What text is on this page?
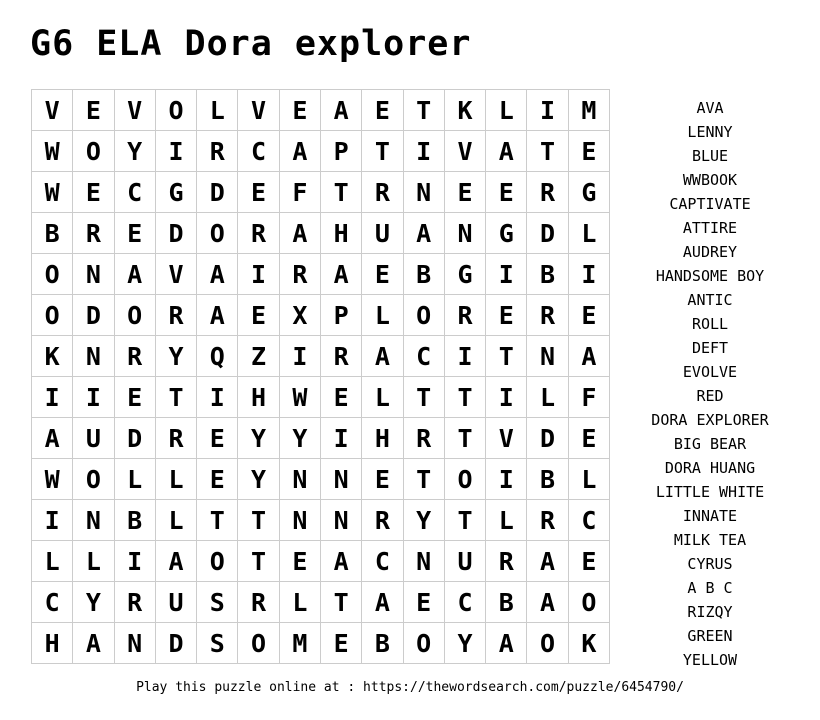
G6 ELA Dora explorer
V	E	V	O	L	V	E	A	E	T	K	L	I	M
W	O	Y	I	R	C	A	P	T	I	V	A	T	E
W	E	C	G	D	E	F	T	R	N	E	E	R	G
B	R	E	D	O	R	A	H	U	A	N	G	D	L
O	N	A	V	A	I	R	A	E	B	G	I	B	I
O	D	O	R	A	E	X	P	L	O	R	E	R	E
K	N	R	Y	Q	Z	I	R	A	C	I	T	N	A
I	I	E	T	I	H	W	E	L	T	T	I	L	F
A	U	D	R	E	Y	Y	I	H	R	T	V	D	E
W	O	L	L	E	Y	N	N	E	T	O	I	B	L
I	N	B	L	T	T	N	N	R	Y	T	L	R	C
L	L	I	A	O	T	E	A	C	N	U	R	A	E
C	Y	R	U	S	R	L	T	A	E	C	B	A	O
H	A	N	D	S	O	M	E	B	O	Y	A	O	K
AVA
LENNY
BLUE
WWBOOK
CAPTIVATE
ATTIRE
AUDREY
HANDSOME BOY
ANTIC
ROLL
DEFT
EVOLVE
RED
DORA EXPLORER
BIG BEAR
DORA HUANG
LITTLE WHITE
INNATE
MILK TEA
CYRUS
A B C
RIZQY
GREEN
YELLOW
Play this puzzle online at : https://thewordsearch.com/puzzle/6454790/
